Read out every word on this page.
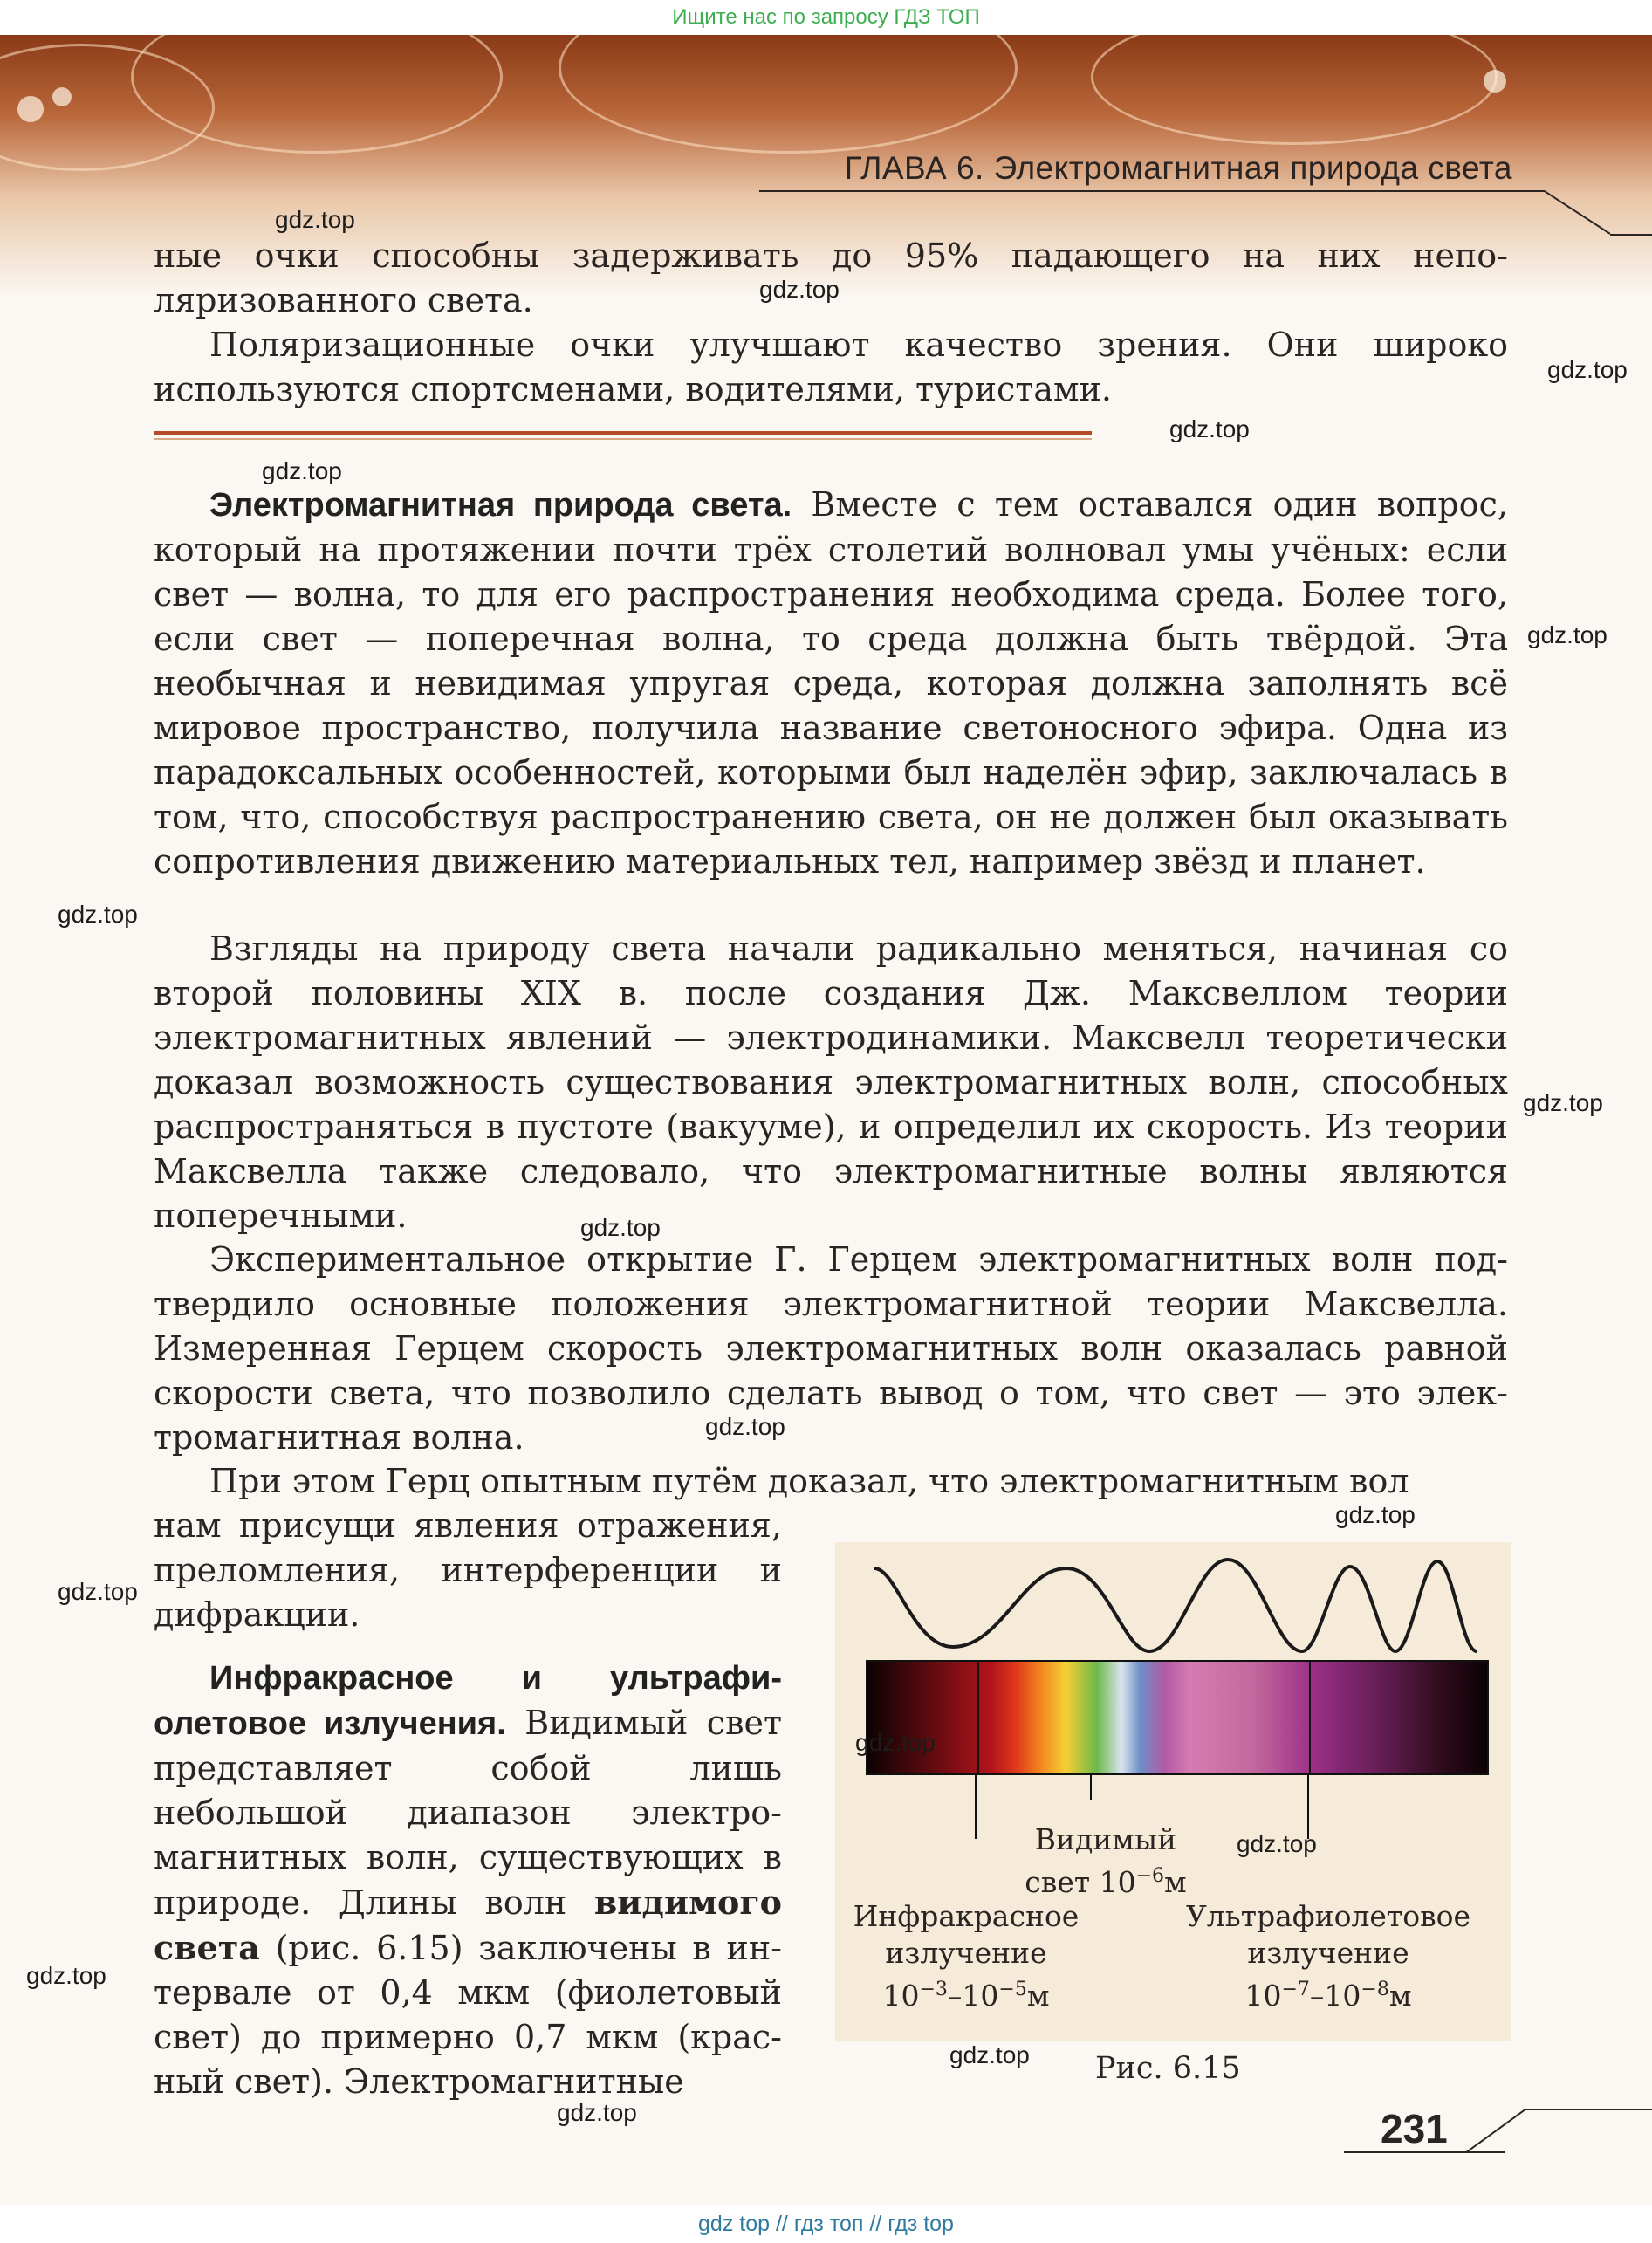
Ищите нас по запросу ГДЗ ТОП
ГЛАВА 6. Электромагнитная природа света
ные очки способны задерживать до 95% падающего на них неполяризованного света.
Поляризационные очки улучшают качество зрения. Они широко используются спортсменами, водителями, туристами.
Электромагнитная природа света. Вместе с тем оставался один вопрос, который на протяжении почти трёх столетий волновал умы учёных: если свет — волна, то для его распространения необходима среда. Более того, если свет — поперечная волна, то среда должна быть твёрдой. Эта необычная и невидимая упругая среда, которая должна заполнять всё мировое пространство, получила название светоносного эфира. Одна из парадоксальных особенностей, которыми был наделён эфир, заключалась в том, что, способствуя распространению света, он не должен был оказывать сопротивления движению материальных тел, например звёзд и планет.
Взгляды на природу света начали радикально меняться, начиная со второй половины XIX в. после создания Дж. Максвеллом теории электромагнитных явлений — электродинамики. Максвелл теоретически доказал возможность существования электромагнитных волн, способных распространяться в пустоте (вакууме), и определил их скорость. Из теории Максвелла также следовало, что электромагнитные волны являются поперечными.
Экспериментальное открытие Г. Герцем электромагнитных волн подтвердило основные положения электромагнитной теории Максвелла. Измеренная Герцем скорость электромагнитных волн оказалась равной скорости света, что позволило сделать вывод о том, что свет — это электромагнитная волна.
При этом Герц опытным путём доказал, что электромагнитным вол
нам присущи явления отражения, преломления, интерференции и дифракции.
Инфракрасное и ультрафиолетовое излучения. Видимый свет представляет собой лишь небольшой диапазон электромагнитных волн, существующих в природе. Длины волн видимого света (рис. 6.15) заключены в интервале от 0,4 мкм (фиолетовый свет) до примерно 0,7 мкм (красный свет). Электромагнитные
Видимый
свет $10^{-6}м$
Инфракрасное
излучение
$10^{-3}-10^{-5}м$
Ультрафиолетовое
излучение
$10^{-7}-10^{-8}м$
Рис. 6.15
231
gdz.top
gdz.top
gdz.top
gdz.top
gdz.top
gdz.top
gdz.top
gdz.top
gdz.top
gdz.top
gdz.top
gdz.top
gdz.top
gdz.top
gdz.top
gdz.top
gdz.top
gdz top // гдз топ // гдз top
